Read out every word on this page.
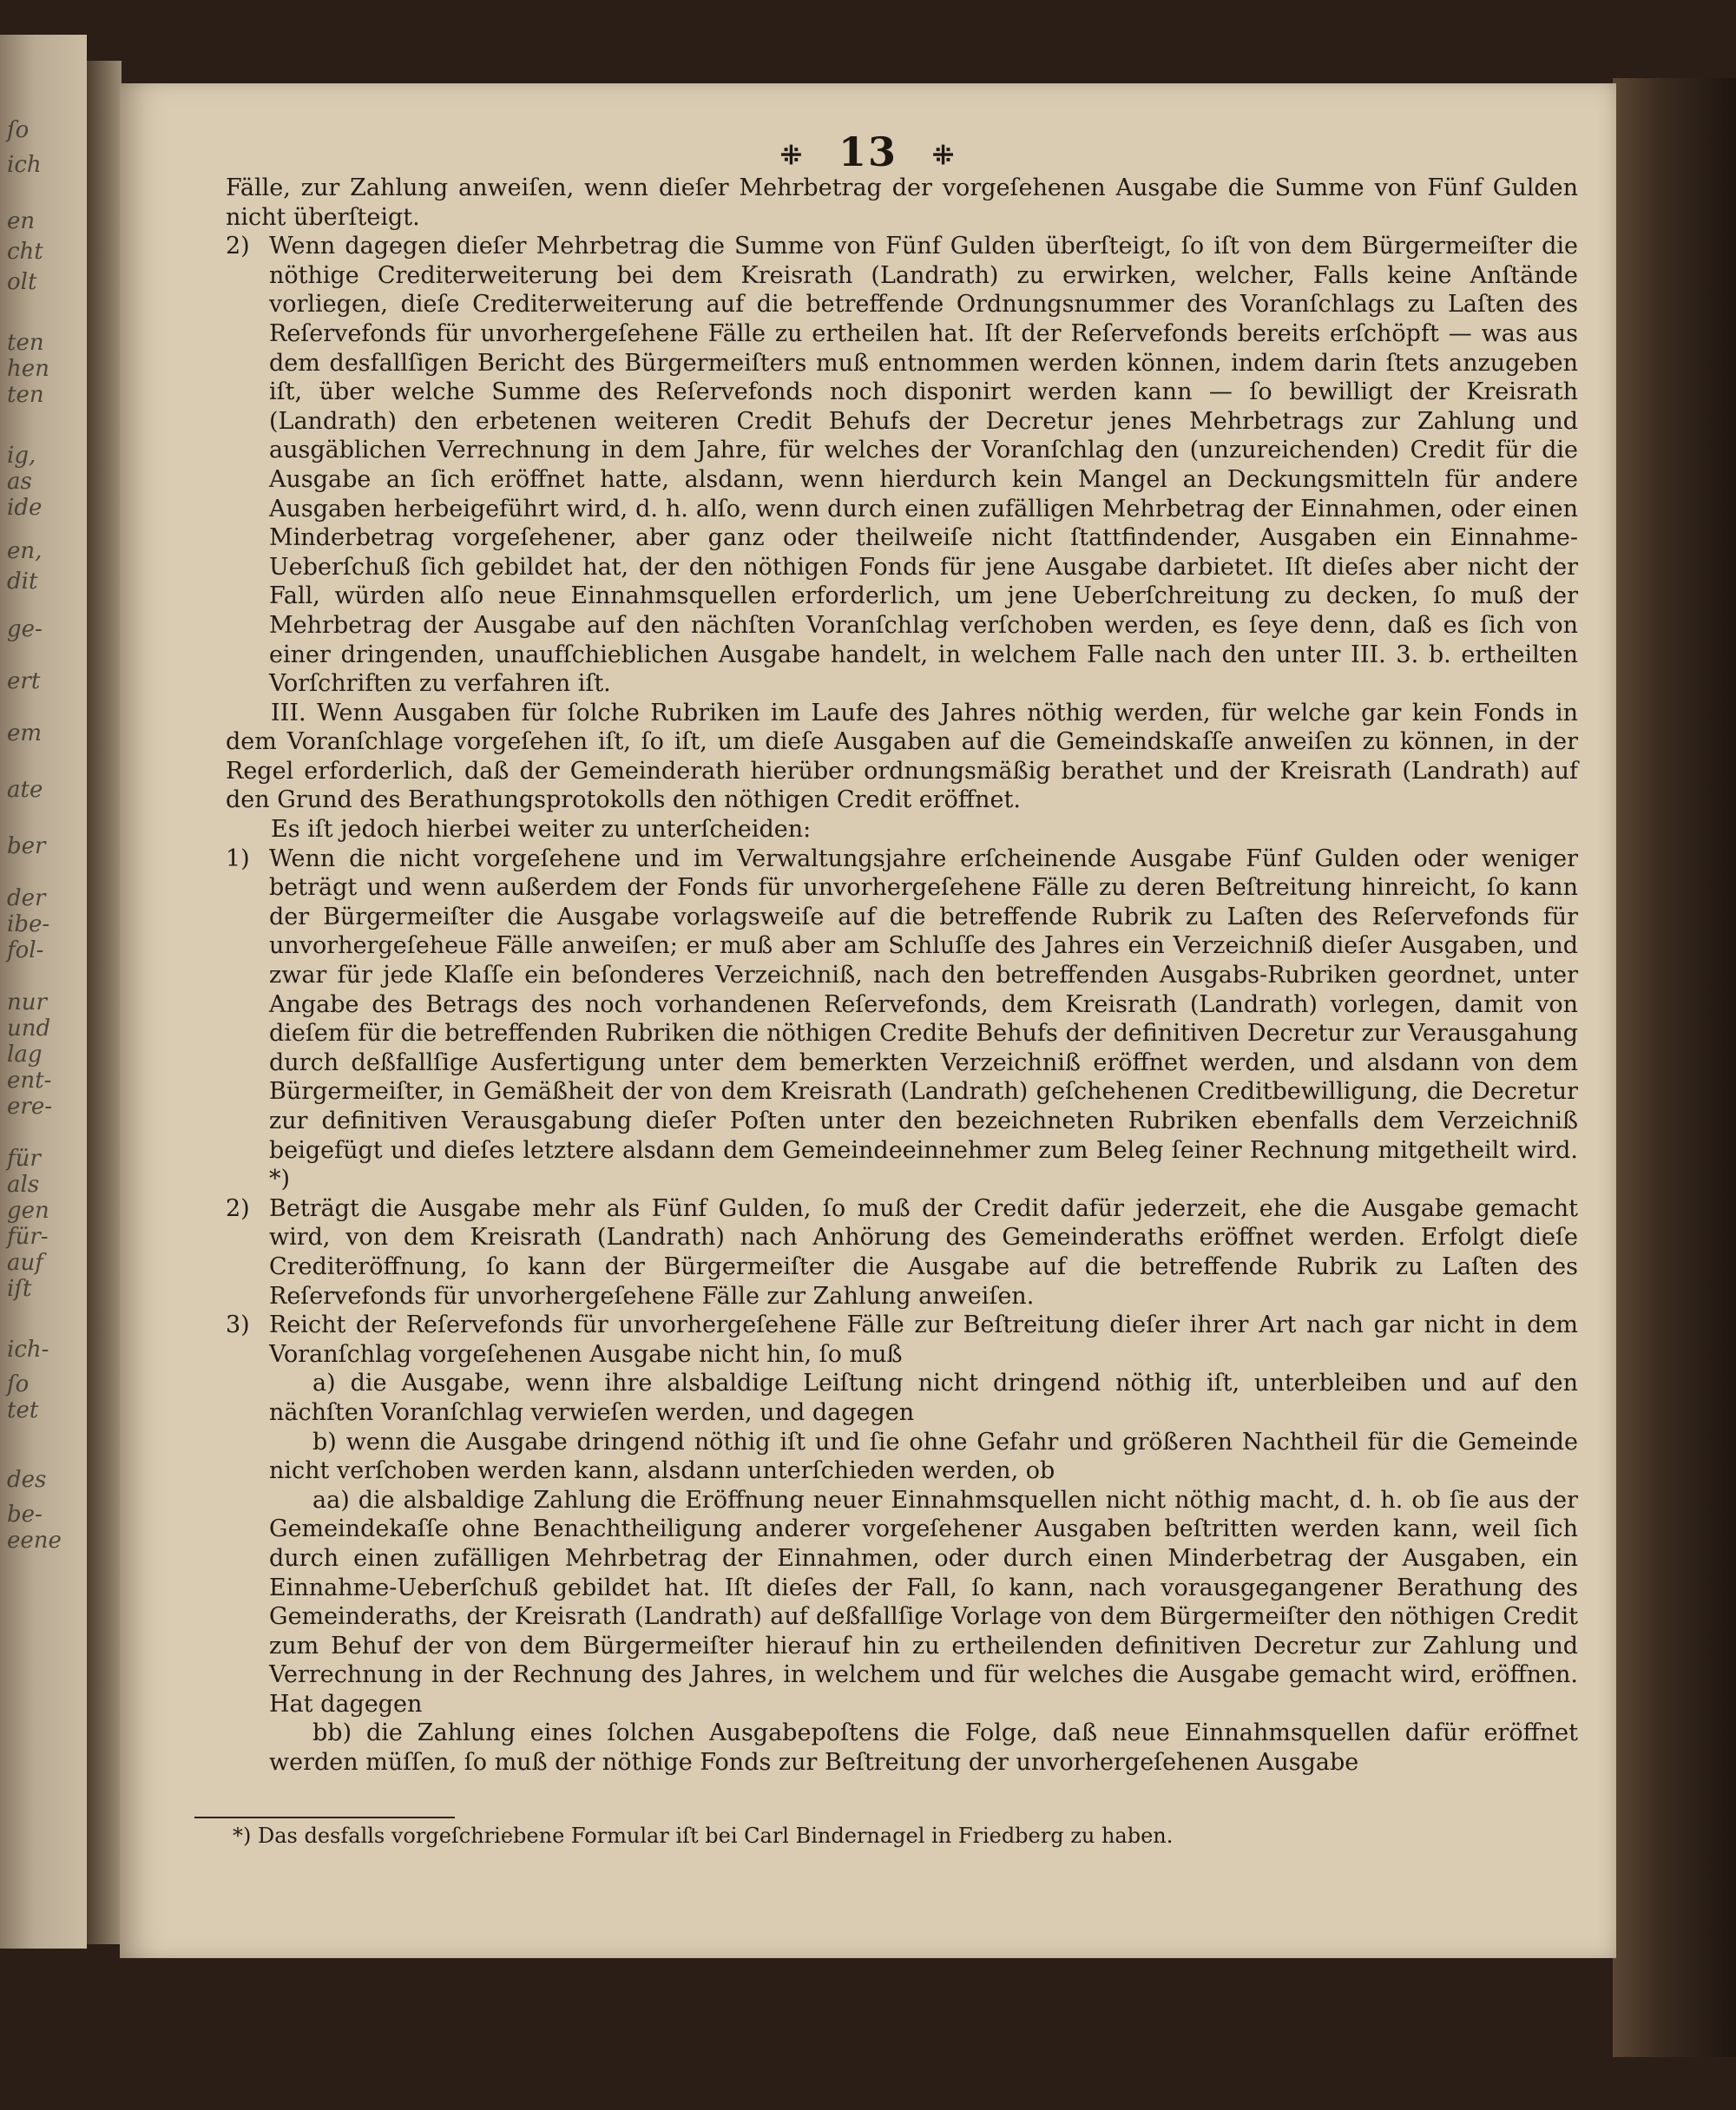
ſo
ich
en
cht
olt
ten
hen
ten
ig,
as
ide
en,
dit
ge-
ert
em
ate
ber
der
ibe-
fol-
nur
und
lag
ent-
ere-
für
als
gen
für-
auf
iſt
ich-
ſo
tet
des
be-
eene
⁜ 13 ⁜

Fälle, zur Zahlung anweiſen, wenn dieſer Mehrbetrag der vorgeſehenen Ausgabe die Summe von Fünf Gulden nicht überſteigt.

2) Wenn dagegen dieſer Mehrbetrag die Summe von Fünf Gulden überſteigt, ſo iſt von dem Bürgermeiſter die nöthige Crediterweiterung bei dem Kreisrath (Landrath) zu erwirken, welcher, Falls keine Anſtände vorliegen, dieſe Crediterweiterung auf die betreffende Ordnungsnummer des Voranſchlags zu Laſten des Reſervefonds für unvorhergeſehene Fälle zu ertheilen hat. Iſt der Reſervefonds bereits erſchöpft — was aus dem desfallſigen Bericht des Bürgermeiſters muß entnommen werden können, indem darin ſtets anzugeben iſt, über welche Summe des Reſervefonds noch disponirt werden kann — ſo bewilligt der Kreisrath (Landrath) den erbetenen weiteren Credit Behufs der Decretur jenes Mehrbetrags zur Zahlung und ausgäblichen Verrechnung in dem Jahre, für welches der Voranſchlag den (unzureichenden) Credit für die Ausgabe an ſich eröffnet hatte, alsdann, wenn hierdurch kein Mangel an Deckungsmitteln für andere Ausgaben herbeigeführt wird, d. h. alſo, wenn durch einen zufälligen Mehrbetrag der Einnahmen, oder einen Minderbetrag vorgeſehener, aber ganz oder theilweiſe nicht ſtattfindender, Ausgaben ein Einnahme-Ueberſchuß ſich gebildet hat, der den nöthigen Fonds für jene Ausgabe darbietet. Iſt dieſes aber nicht der Fall, würden alſo neue Einnahmsquellen erforderlich, um jene Ueberſchreitung zu decken, ſo muß der Mehrbetrag der Ausgabe auf den nächſten Voranſchlag verſchoben werden, es ſeye denn, daß es ſich von einer dringenden, unaufſchieblichen Ausgabe handelt, in welchem Falle nach den unter III. 3. b. ertheilten Vorſchriften zu verfahren iſt.

III. Wenn Ausgaben für ſolche Rubriken im Laufe des Jahres nöthig werden, für welche gar kein Fonds in dem Voranſchlage vorgeſehen iſt, ſo iſt, um dieſe Ausgaben auf die Gemeindskaſſe anweiſen zu können, in der Regel erforderlich, daß der Gemeinderath hierüber ordnungsmäßig berathet und der Kreisrath (Landrath) auf den Grund des Berathungsprotokolls den nöthigen Credit eröffnet.

Es iſt jedoch hierbei weiter zu unterſcheiden:

1) Wenn die nicht vorgeſehene und im Verwaltungsjahre erſcheinende Ausgabe Fünf Gulden oder weniger beträgt und wenn außerdem der Fonds für unvorhergeſehene Fälle zu deren Beſtreitung hinreicht, ſo kann der Bürgermeiſter die Ausgabe vorlagsweiſe auf die betreffende Rubrik zu Laſten des Reſervefonds für unvorhergeſeheue Fälle anweiſen; er muß aber am Schluſſe des Jahres ein Verzeichniß dieſer Ausgaben, und zwar für jede Klaſſe ein beſonderes Verzeichniß, nach den betreffenden Ausgabs-Rubriken geordnet, unter Angabe des Betrags des noch vorhandenen Reſervefonds, dem Kreisrath (Landrath) vorlegen, damit von dieſem für die betreffenden Rubriken die nöthigen Credite Behufs der definitiven Decretur zur Verausgahung durch deßfallſige Ausfertigung unter dem bemerkten Verzeichniß eröffnet werden, und alsdann von dem Bürgermeiſter, in Gemäßheit der von dem Kreisrath (Landrath) geſchehenen Creditbewilligung, die Decretur zur definitiven Verausgabung dieſer Poſten unter den bezeichneten Rubriken ebenfalls dem Verzeichniß beigefügt und dieſes letztere alsdann dem Gemeindeeinnehmer zum Beleg ſeiner Rechnung mitgetheilt wird. *)

2) Beträgt die Ausgabe mehr als Fünf Gulden, ſo muß der Credit dafür jederzeit, ehe die Ausgabe gemacht wird, von dem Kreisrath (Landrath) nach Anhörung des Gemeinderaths eröffnet werden. Erfolgt dieſe Crediteröffnung, ſo kann der Bürgermeiſter die Ausgabe auf die betreffende Rubrik zu Laſten des Reſervefonds für unvorhergeſehene Fälle zur Zahlung anweiſen.

3) Reicht der Reſervefonds für unvorhergeſehene Fälle zur Beſtreitung dieſer ihrer Art nach gar nicht in dem Voranſchlag vorgeſehenen Ausgabe nicht hin, ſo muß

a) die Ausgabe, wenn ihre alsbaldige Leiſtung nicht dringend nöthig iſt, unterbleiben und auf den nächſten Voranſchlag verwieſen werden, und dagegen

b) wenn die Ausgabe dringend nöthig iſt und ſie ohne Gefahr und größeren Nachtheil für die Gemeinde nicht verſchoben werden kann, alsdann unterſchieden werden, ob

aa) die alsbaldige Zahlung die Eröffnung neuer Einnahmsquellen nicht nöthig macht, d. h. ob ſie aus der Gemeindekaſſe ohne Benachtheiligung anderer vorgeſehener Ausgaben beſtritten werden kann, weil ſich durch einen zufälligen Mehrbetrag der Einnahmen, oder durch einen Minderbetrag der Ausgaben, ein Einnahme-Ueberſchuß gebildet hat. Iſt dieſes der Fall, ſo kann, nach vorausgegangener Berathung des Gemeinderaths, der Kreisrath (Landrath) auf deßfallſige Vorlage von dem Bürgermeiſter den nöthigen Credit zum Behuf der von dem Bürgermeiſter hierauf hin zu ertheilenden definitiven Decretur zur Zahlung und Verrechnung in der Rechnung des Jahres, in welchem und für welches die Ausgabe gemacht wird, eröffnen. Hat dagegen

bb) die Zahlung eines ſolchen Ausgabepoſtens die Folge, daß neue Einnahmsquellen dafür eröffnet werden müſſen, ſo muß der nöthige Fonds zur Beſtreitung der unvorhergeſehenen Ausgabe

*) Das desfalls vorgeſchriebene Formular iſt bei Carl Bindernagel in Friedberg zu haben.
